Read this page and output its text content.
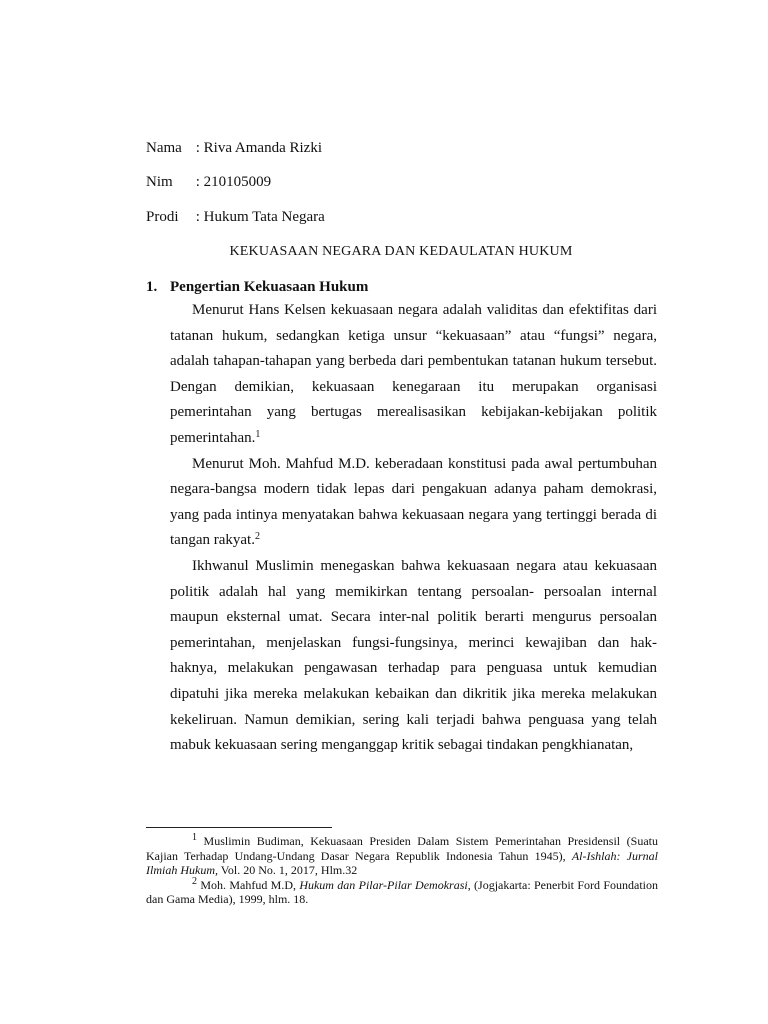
Nama : Riva Amanda Rizki
Nim : 210105009
Prodi : Hukum Tata Negara
KEKUASAAN NEGARA DAN KEDAULATAN HUKUM
1. Pengertian Kekuasaan Hukum

Menurut Hans Kelsen kekuasaan negara adalah validitas dan efektifitas dari tatanan hukum, sedangkan ketiga unsur “kekuasaan” atau “fungsi” negara, adalah tahapan-tahapan yang berbeda dari pembentukan tatanan hukum tersebut. Dengan demikian, kekuasaan kenegaraan itu merupakan organisasi pemerintahan yang bertugas merealisasikan kebijakan-kebijakan politik pemerintahan.$^1$

Menurut Moh. Mahfud M.D. keberadaan konstitusi pada awal pertumbuhan negara-bangsa modern tidak lepas dari pengakuan adanya paham demokrasi, yang pada intinya menyatakan bahwa kekuasaan negara yang tertinggi berada di tangan rakyat.$^2$

Ikhwanul Muslimin menegaskan bahwa kekuasaan negara atau kekuasaan politik adalah hal yang memikirkan tentang persoalan- persoalan internal maupun eksternal umat. Secara inter-nal politik berarti mengurus persoalan pemerintahan, menjelaskan fungsi-fungsinya, merinci kewajiban dan hak-haknya, melakukan pengawasan terhadap para penguasa untuk kemudian dipatuhi jika mereka melakukan kebaikan dan dikritik jika mereka melakukan kekeliruan. Namun demikian, sering kali terjadi bahwa penguasa yang telah mabuk kekuasaan sering menganggap kritik sebagai tindakan pengkhianatan,

$^1$ Muslimin Budiman, Kekuasaan Presiden Dalam Sistem Pemerintahan Presidensil (Suatu Kajian Terhadap Undang-Undang Dasar Negara Republik Indonesia Tahun 1945), Al-Ishlah: Jurnal Ilmiah Hukum, Vol. 20 No. 1, 2017, Hlm.32

$^2$ Moh. Mahfud M.D, Hukum dan Pilar-Pilar Demokrasi, (Jogjakarta: Penerbit Ford Foundation dan Gama Media), 1999, hlm. 18.
